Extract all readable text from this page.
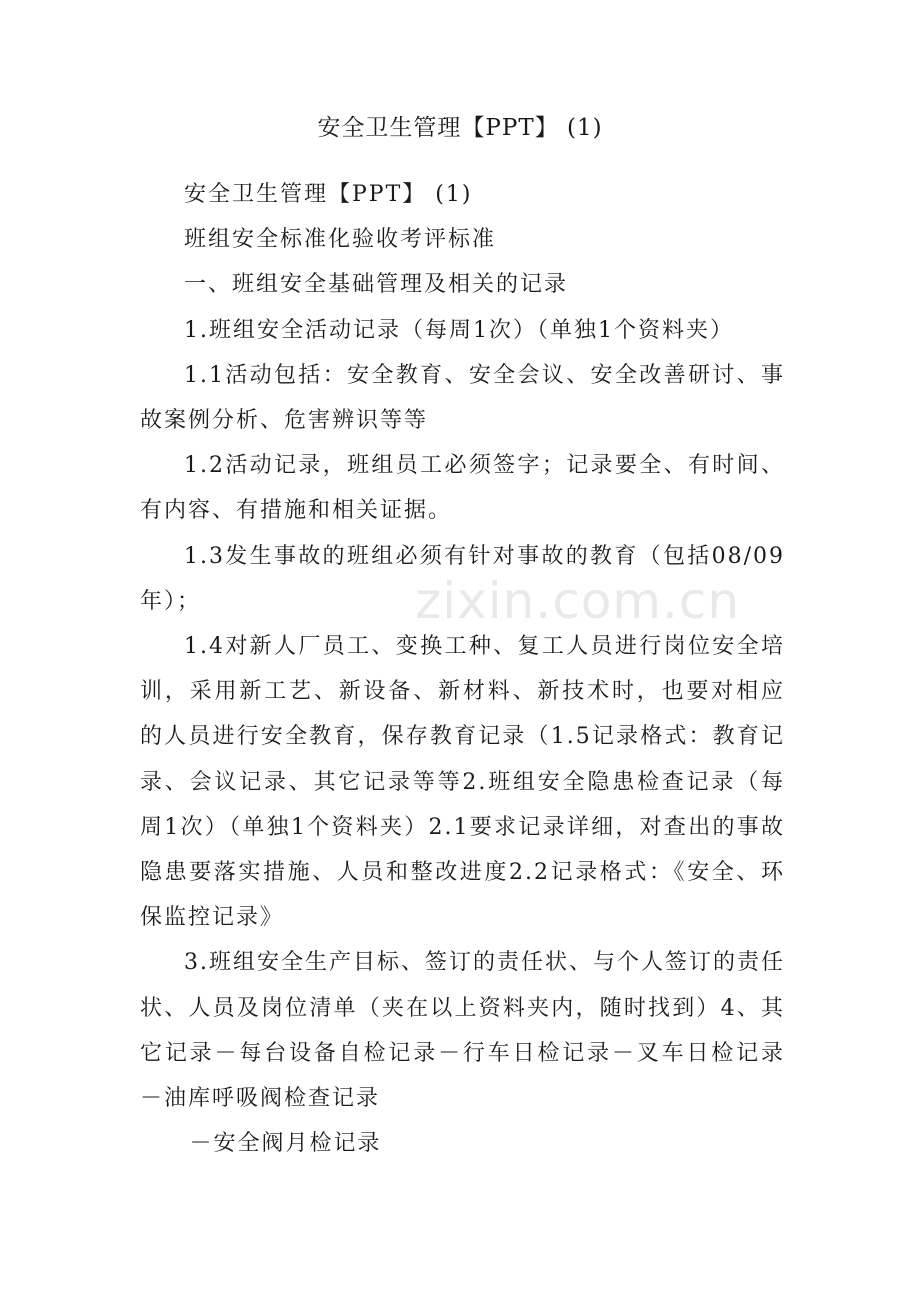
安全卫生管理【PPT】 (1)

安全卫生管理【PPT】 (1)

班组安全标准化验收考评标准

一、班组安全基础管理及相关的记录

1.班组安全活动记录（每周1次）（单独1个资料夹）

1.1活动包括：安全教育、安全会议、安全改善研讨、事故案例分析、危害辨识等等

1.2活动记录，班组员工必须签字；记录要全、有时间、有内容、有措施和相关证据。

1.3发生事故的班组必须有针对事故的教育（包括08/09年）；

1.4对新人厂员工、变换工种、复工人员进行岗位安全培训，采用新工艺、新设备、新材料、新技术时，也要对相应的人员进行安全教育，保存教育记录（1.5记录格式：教育记录、会议记录、其它记录等等2.班组安全隐患检查记录（每周1次）（单独1个资料夹）2.1要求记录详细，对查出的事故隐患要落实措施、人员和整改进度2.2记录格式：《安全、环保监控记录》

3.班组安全生产目标、签订的责任状、与个人签订的责任状、人员及岗位清单（夹在以上资料夹内，随时找到）4、其它记录－每台设备自检记录－行车日检记录－叉车日检记录－油库呼吸阀检查记录

－安全阀月检记录

zixin.com.cn
